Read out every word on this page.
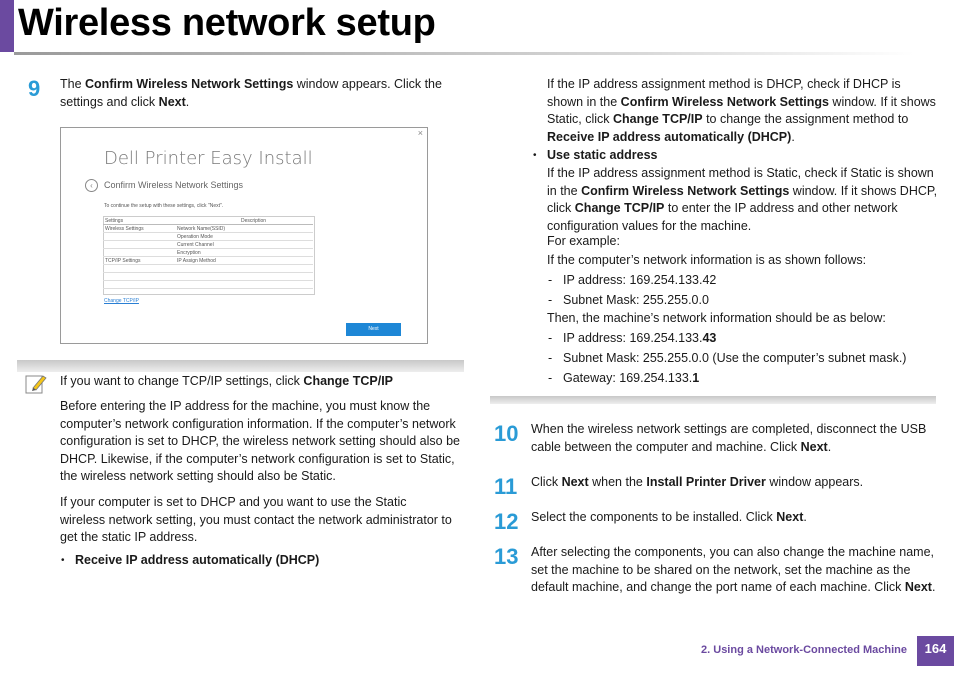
Wireless network setup
9 The Confirm Wireless Network Settings window appears. Click the settings and click Next.
×
Dell Printer Easy Install
‹	Confirm Wireless Network Settings
To continue the setup with these settings, click "Next".
Settings	Description
Wireless Settings	Network Name(SSID)
	Operation Mode
	Current Channel
	Encryption
TCP/IP Settings	IP Assign Method

Change TCP/IP
Next
If you want to change TCP/IP settings, click Change TCP/IP
Before entering the IP address for the machine, you must know the computer’s network configuration information. If the computer’s network configuration is set to DHCP, the wireless network setting should also be DHCP. Likewise, if the computer’s network configuration is set to Static, the wireless network setting should also be Static.
If your computer is set to DHCP and you want to use the Static wireless network setting, you must contact the network administrator to get the static IP address.
• Receive IP address automatically (DHCP)
If the IP address assignment method is DHCP, check if DHCP is shown in the Confirm Wireless Network Settings window. If it shows Static, click Change TCP/IP to change the assignment method to Receive IP address automatically (DHCP).
• Use static address
If the IP address assignment method is Static, check if Static is shown in the Confirm Wireless Network Settings window. If it shows DHCP, click Change TCP/IP to enter the IP address and other network configuration values for the machine.
For example:
If the computer’s network information is as shown follows:
- IP address: 169.254.133.42
- Subnet Mask: 255.255.0.0
Then, the machine’s network information should be as below:
- IP address: 169.254.133.43
- Subnet Mask: 255.255.0.0 (Use the computer’s subnet mask.)
- Gateway: 169.254.133.1
10 When the wireless network settings are completed, disconnect the USB cable between the computer and machine. Click Next.
11 Click Next when the Install Printer Driver window appears.
12 Select the components to be installed. Click Next.
13 After selecting the components, you can also change the machine name, set the machine to be shared on the network, set the machine as the default machine, and change the port name of each machine. Click Next.
2. Using a Network-Connected Machine	164
